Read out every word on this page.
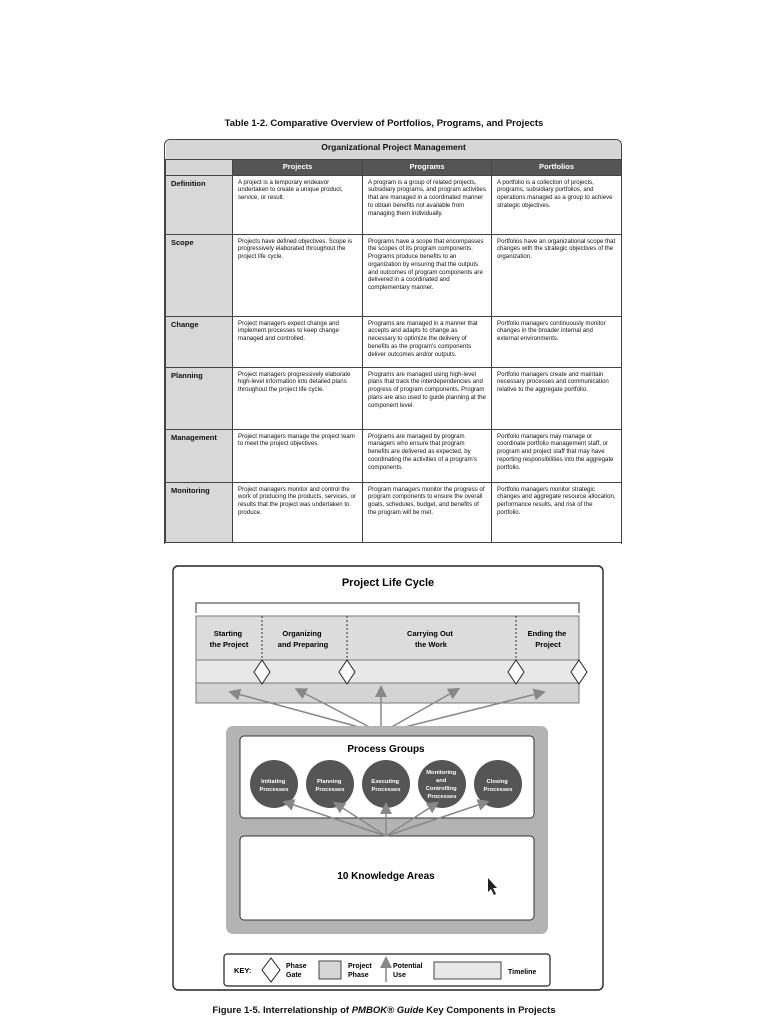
Table 1-2. Comparative Overview of Portfolios, Programs, and Projects
Organizational Project Management			
	Projects	Programs	Portfolios
Definition	A project is a temporary endeavor undertaken to create a unique product, service, or result.	A program is a group of related projects, subsidiary programs, and program activities that are managed in a coordinated manner to obtain benefits not available from managing them individually.	A portfolio is a collection of projects, programs, subsidiary portfolios, and operations managed as a group to achieve strategic objectives.
Scope	Projects have defined objectives. Scope is progressively elaborated throughout the project life cycle.	Programs have a scope that encompasses the scopes of its program components. Programs produce benefits to an organization by ensuring that the outputs and outcomes of program components are delivered in a coordinated and complementary manner.	Portfolios have an organizational scope that changes with the strategic objectives of the organization.
Change	Project managers expect change and implement processes to keep change managed and controlled.	Programs are managed in a manner that accepts and adapts to change as necessary to optimize the delivery of benefits as the program's components deliver outcomes and/or outputs.	Portfolio managers continuously monitor changes in the broader internal and external environments.
Planning	Project managers progressively elaborate high-level information into detailed plans throughout the project life cycle.	Programs are managed using high-level plans that track the interdependencies and progress of program components. Program plans are also used to guide planning at the component level.	Portfolio managers create and maintain necessary processes and communication relative to the aggregate portfolio.
Management	Project managers manage the project team to meet the project objectives.	Programs are managed by program managers who ensure that program benefits are delivered as expected, by coordinating the activities of a program's components.	Portfolio managers may manage or coordinate portfolio management staff, or program and project staff that may have reporting responsibilities into the aggregate portfolio.
Monitoring	Project managers monitor and control the work of producing the products, services, or results that the project was undertaken to produce.	Program managers monitor the progress of program components to ensure the overall goals, schedules, budget, and benefits of the program will be met.	Portfolio managers monitor strategic changes and aggregate resource allocation, performance results, and risk of the portfolio.
Project Life Cycle
Starting the Project
Organizing and Preparing
Carrying Out the Work
Ending the Project
Process Groups
Initiating Processes
Planning Processes
Executing Processes
Monitoring and Controlling Processes
Closing Processes
10 Knowledge Areas
KEY:	Phase Gate
Project Phase
Potential Use	Timeline
Figure 1-5. Interrelationship of PMBOK® Guide Key Components in Projects
